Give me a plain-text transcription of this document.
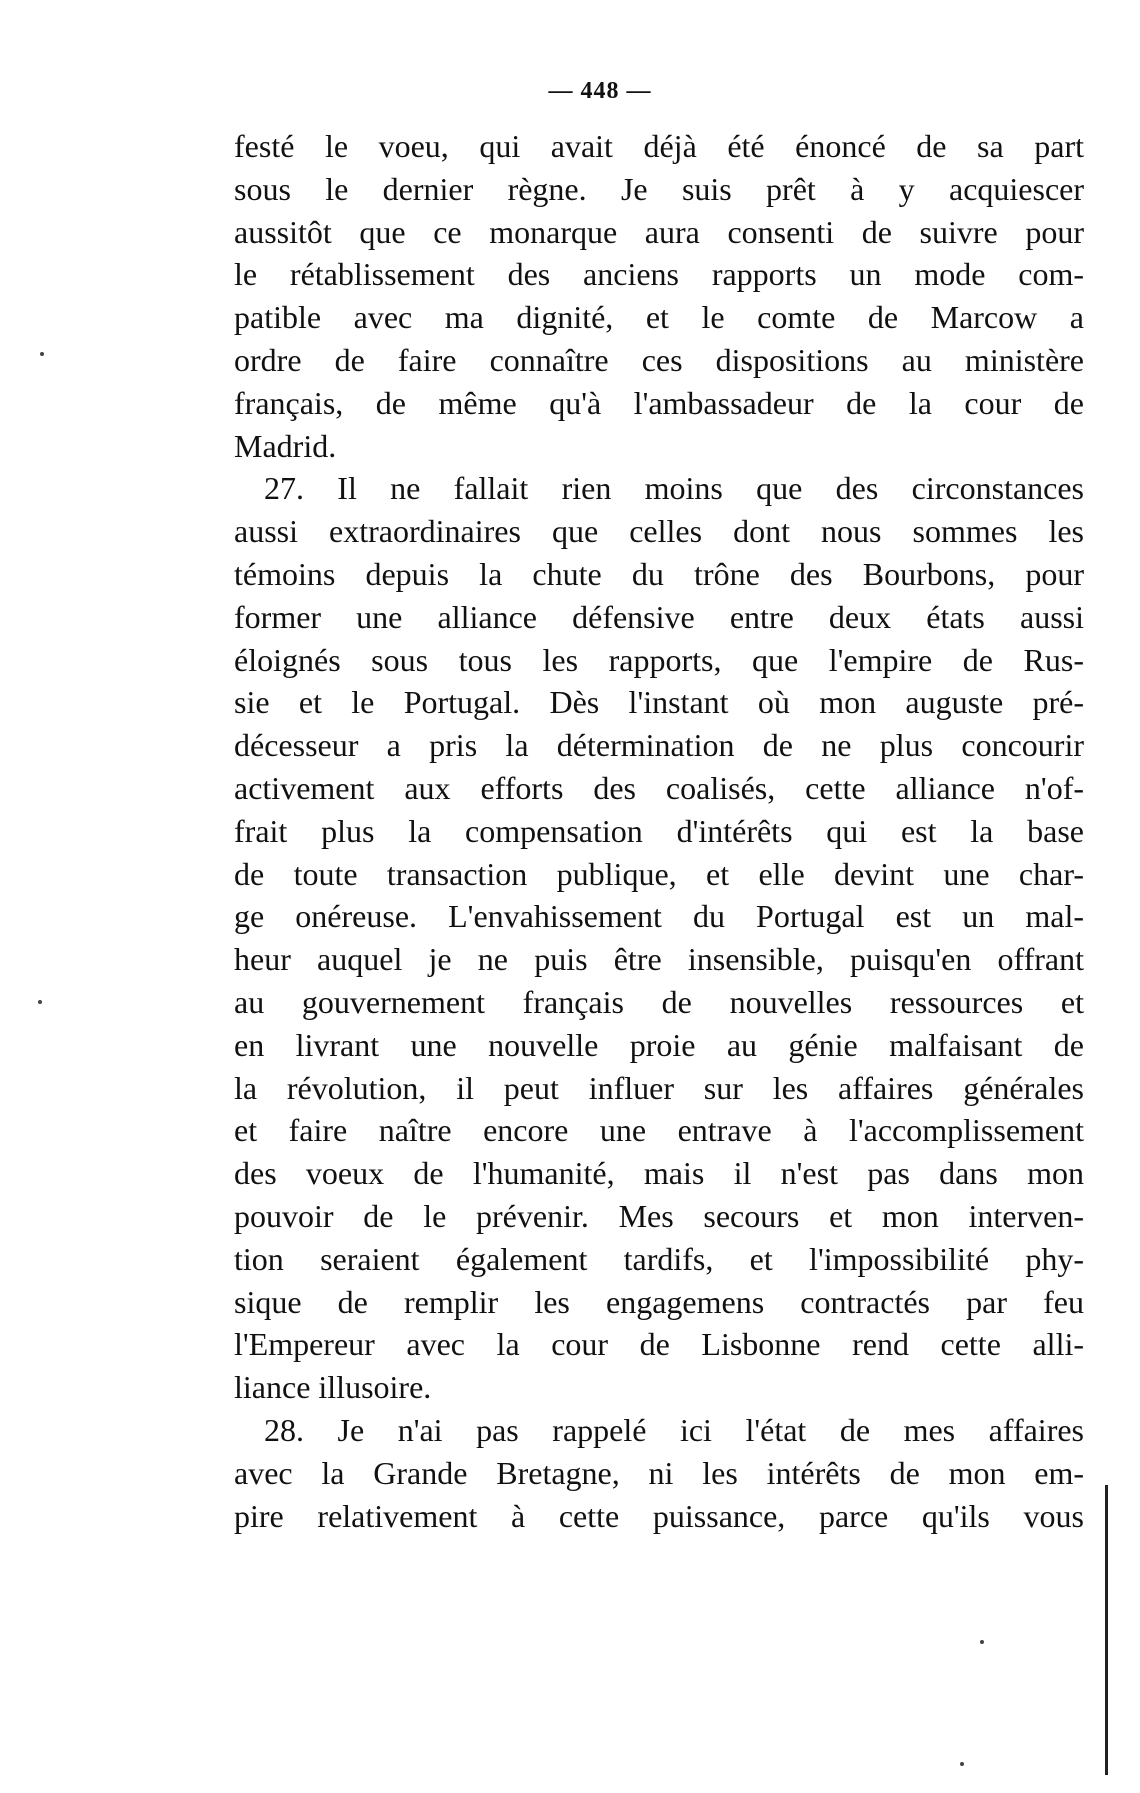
— 448 —
festé le voeu, qui avait déjà été énoncé de sa part
sous le dernier règne. Je suis prêt à y acquiescer
aussitôt que ce monarque aura consenti de suivre pour
le rétablissement des anciens rapports un mode com-
patible avec ma dignité, et le comte de Marcow a
ordre de faire connaître ces dispositions au ministère
français, de même qu'à l'ambassadeur de la cour de
Madrid.
27. Il ne fallait rien moins que des circonstances
aussi extraordinaires que celles dont nous sommes les
témoins depuis la chute du trône des Bourbons, pour
former une alliance défensive entre deux états aussi
éloignés sous tous les rapports, que l'empire de Rus-
sie et le Portugal. Dès l'instant où mon auguste pré-
décesseur a pris la détermination de ne plus concourir
activement aux efforts des coalisés, cette alliance n'of-
frait plus la compensation d'intérêts qui est la base
de toute transaction publique, et elle devint une char-
ge onéreuse. L'envahissement du Portugal est un mal-
heur auquel je ne puis être insensible, puisqu'en offrant
au gouvernement français de nouvelles ressources et
en livrant une nouvelle proie au génie malfaisant de
la révolution, il peut influer sur les affaires générales
et faire naître encore une entrave à l'accomplissement
des voeux de l'humanité, mais il n'est pas dans mon
pouvoir de le prévenir. Mes secours et mon interven-
tion seraient également tardifs, et l'impossibilité phy-
sique de remplir les engagemens contractés par feu
l'Empereur avec la cour de Lisbonne rend cette alli-
liance illusoire.
28. Je n'ai pas rappelé ici l'état de mes affaires
avec la Grande Bretagne, ni les intérêts de mon em-
pire relativement à cette puissance, parce qu'ils vous
